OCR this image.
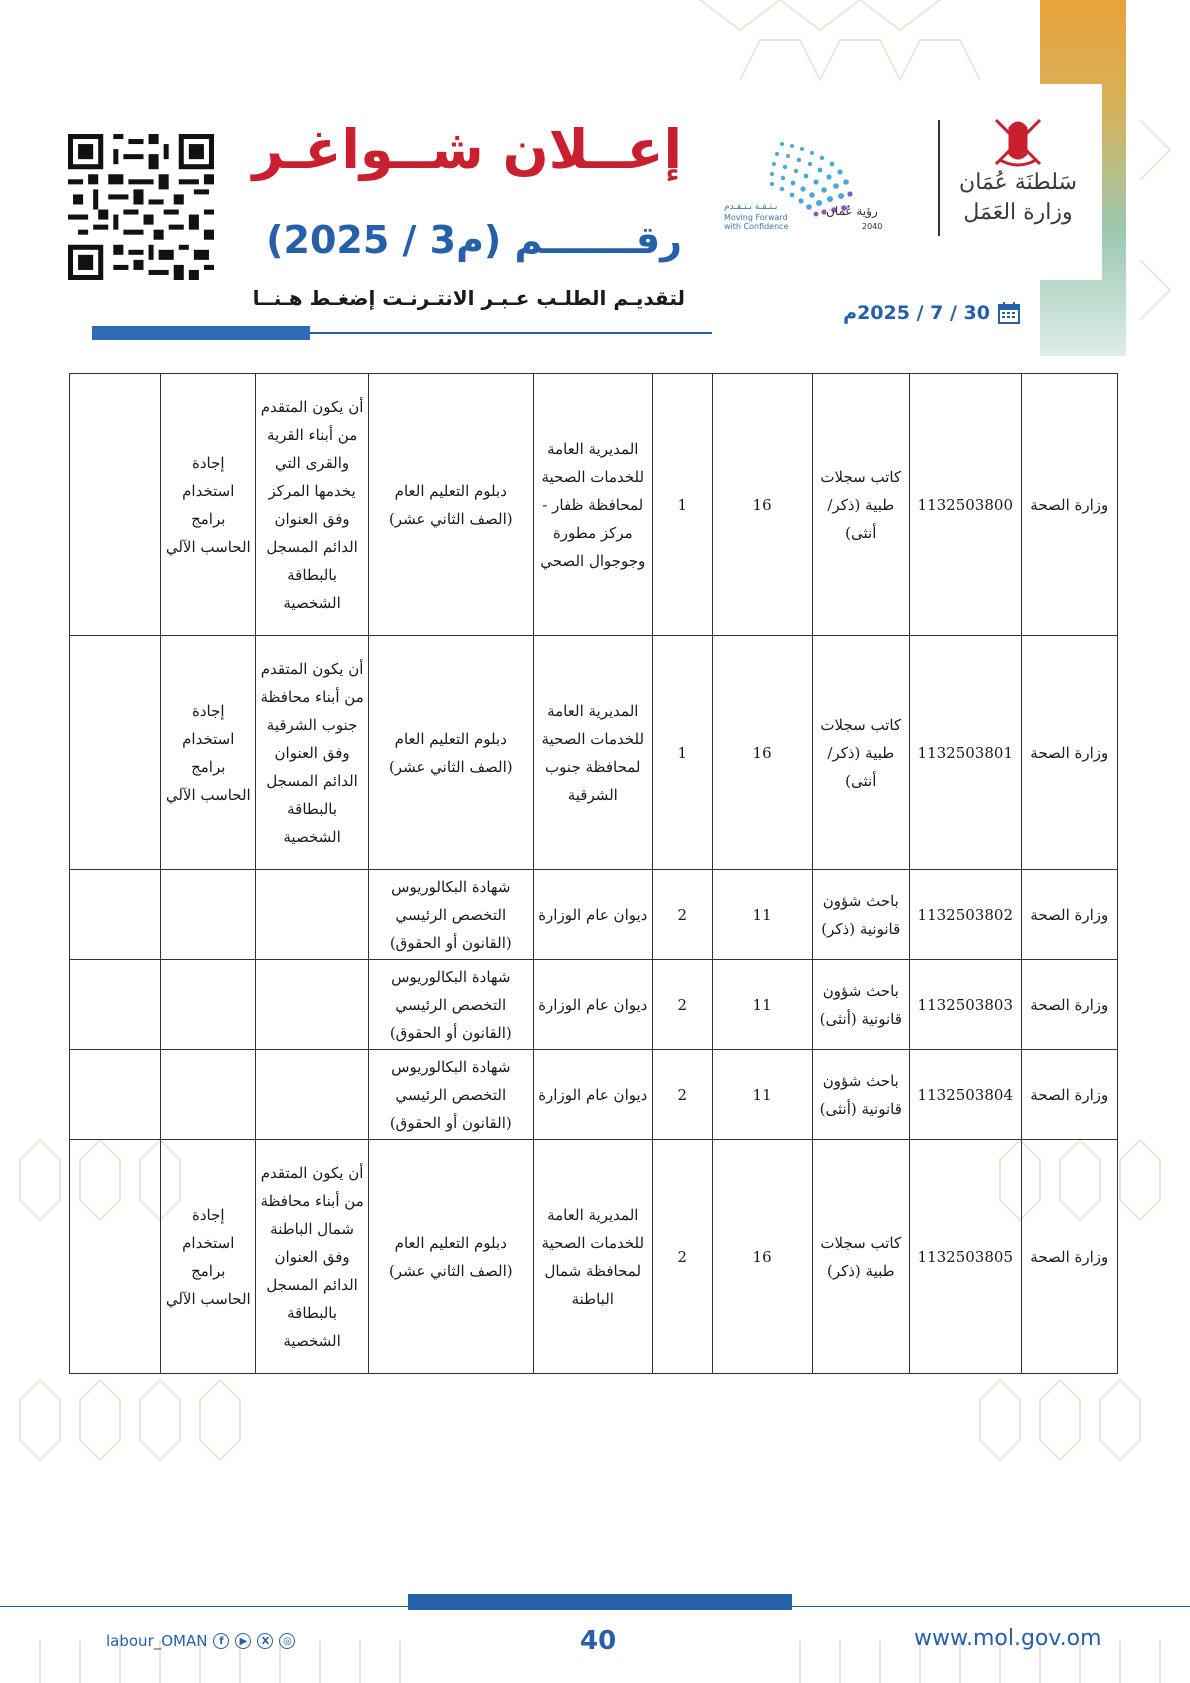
إعــلان شــواغـر
رقـــــــم (م3 / 2025)
لتقديـم الطلـب عـبـر الانتـرنـت إضغـط هـنــا
30 / 7 / 2025م
رؤية عُمان
2040
بـثـقـة نـتـقـدم
Moving Forward
with Confidence
سَلطنَة عُمَان
وزارة العَمَل
وزارة الصحة	1132503800	كاتب سجلات طبية (ذكر/أنثى)	16	1	المديرية العامة للخدمات الصحية لمحافظة ظفار - مركز مطورة وجوجوال الصحي	دبلوم التعليم العام (الصف الثاني عشر)	أن يكون المتقدم من أبناء القرية والقرى التي يخدمها المركز وفق العنوان الدائم المسجل بالبطاقة الشخصية	إجادة استخدام برامج الحاسب الآلي	
وزارة الصحة	1132503801	كاتب سجلات طبية (ذكر/أنثى)	16	1	المديرية العامة للخدمات الصحية لمحافظة جنوب الشرقية	دبلوم التعليم العام (الصف الثاني عشر)	أن يكون المتقدم من أبناء محافظة جنوب الشرقية وفق العنوان الدائم المسجل بالبطاقة الشخصية	إجادة استخدام برامج الحاسب الآلي	
وزارة الصحة	1132503802	باحث شؤون قانونية (ذكر)	11	2	ديوان عام الوزارة	شهادة البكالوريوس التخصص الرئيسي (القانون أو الحقوق)			
وزارة الصحة	1132503803	باحث شؤون قانونية (أنثى)	11	2	ديوان عام الوزارة	شهادة البكالوريوس التخصص الرئيسي (القانون أو الحقوق)			
وزارة الصحة	1132503804	باحث شؤون قانونية (أنثى)	11	2	ديوان عام الوزارة	شهادة البكالوريوس التخصص الرئيسي (القانون أو الحقوق)			
وزارة الصحة	1132503805	كاتب سجلات طبية (ذكر)	16	2	المديرية العامة للخدمات الصحية لمحافظة شمال الباطنة	دبلوم التعليم العام (الصف الثاني عشر)	أن يكون المتقدم من أبناء محافظة شمال الباطنة وفق العنوان الدائم المسجل بالبطاقة الشخصية	إجادة استخدام برامج الحاسب الآلي	
labour_OMAN	f	▶	X	◎	40	www.mol.gov.om
